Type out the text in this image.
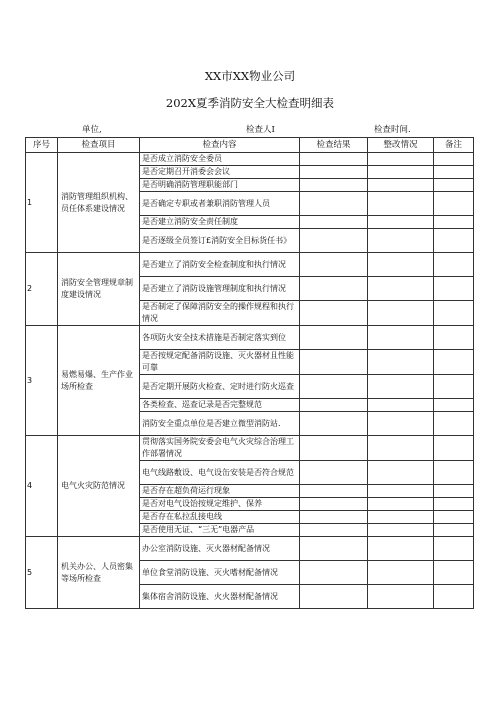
XX市XX物业公司
202X夏季消防安全大检查明细表
单位,	检查人I	检查时间.
序号	检查项目	检查内容	检查结果	整改情况	备注
1	消防管理组织机构、员任体系建设情况	是否成立消防安全委员			
		是否定期召开消委会会议			
		是否明确消防管理职能部门			
		是否确定专职或者兼职消防管理人员			
		是否建立消防安全责任制度			
		是否逐级全员签订£消防安全目标货任书》			
2	消防安全管理规章制度建设情况	是否建立了消防安全检查制度和执行情况			
		是否建立了消防设施管理制度和执行情况			
		是否制定了保障消防安全的操作规程和执行情况			
3	易燃易爆、生产作业场所检查	各项防火安全技术措施是否制定落实到位			
		是否按规定配备消防设施、灭火器材且性能可靠			
		是否定期开展防火检查、定时进行防火巡查			
		各类检查、巡查记录是否完整规范			
		消防安全重点单位是否建立微型消防站.			
4	电气火灾防范情况	贯彻落实国务院安委会电气火灾综合治理工作部署情况			
		电气线路敷设、电气设缶安装是否符合规范			
		是否存在超负荷运行现象			
		是否对电气设饴按规定维护、保养			
		是否存在私拉乱接电线			
		是否使用无证、“三无”电器产品			
5	机关办公、人员密集等场所检查	办公室消防设施、灭火器材配备情况			
		单位食堂消防设施、灭火嗜材配备情况			
		集体宿舍消防设施、火火器材配备情况			
